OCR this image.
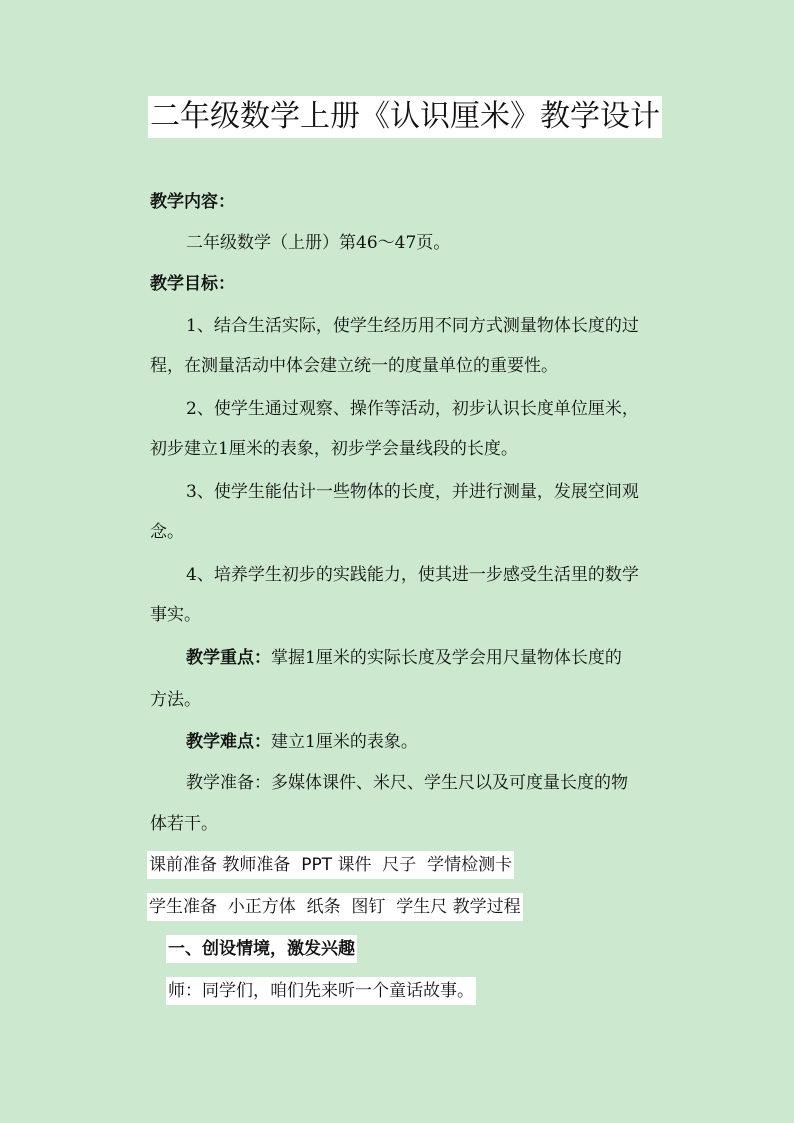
二年级数学上册《认识厘米》教学设计
教学内容：
二年级数学（上册）第46～47页。
教学目标：
1、结合生活实际，使学生经历用不同方式测量物体长度的过
程，在测量活动中体会建立统一的度量单位的重要性。
2、使学生通过观察、操作等活动，初步认识长度单位厘米，
初步建立1厘米的表象，初步学会量线段的长度。
3、使学生能估计一些物体的长度，并进行测量，发展空间观
念。
4、培养学生初步的实践能力，使其进一步感受生活里的数学
事实。
教学重点：掌握1厘米的实际长度及学会用尺量物体长度的
方法。
教学难点：建立1厘米的表象。
教学准备：多媒体课件、米尺、学生尺以及可度量长度的物
体若干。
课前准备 教师准备  PPT 课件  尺子  学情检测卡
学生准备  小正方体  纸条  图钉  学生尺 教学过程
一、创设情境，激发兴趣
师：同学们，咱们先来听一个童话故事。
